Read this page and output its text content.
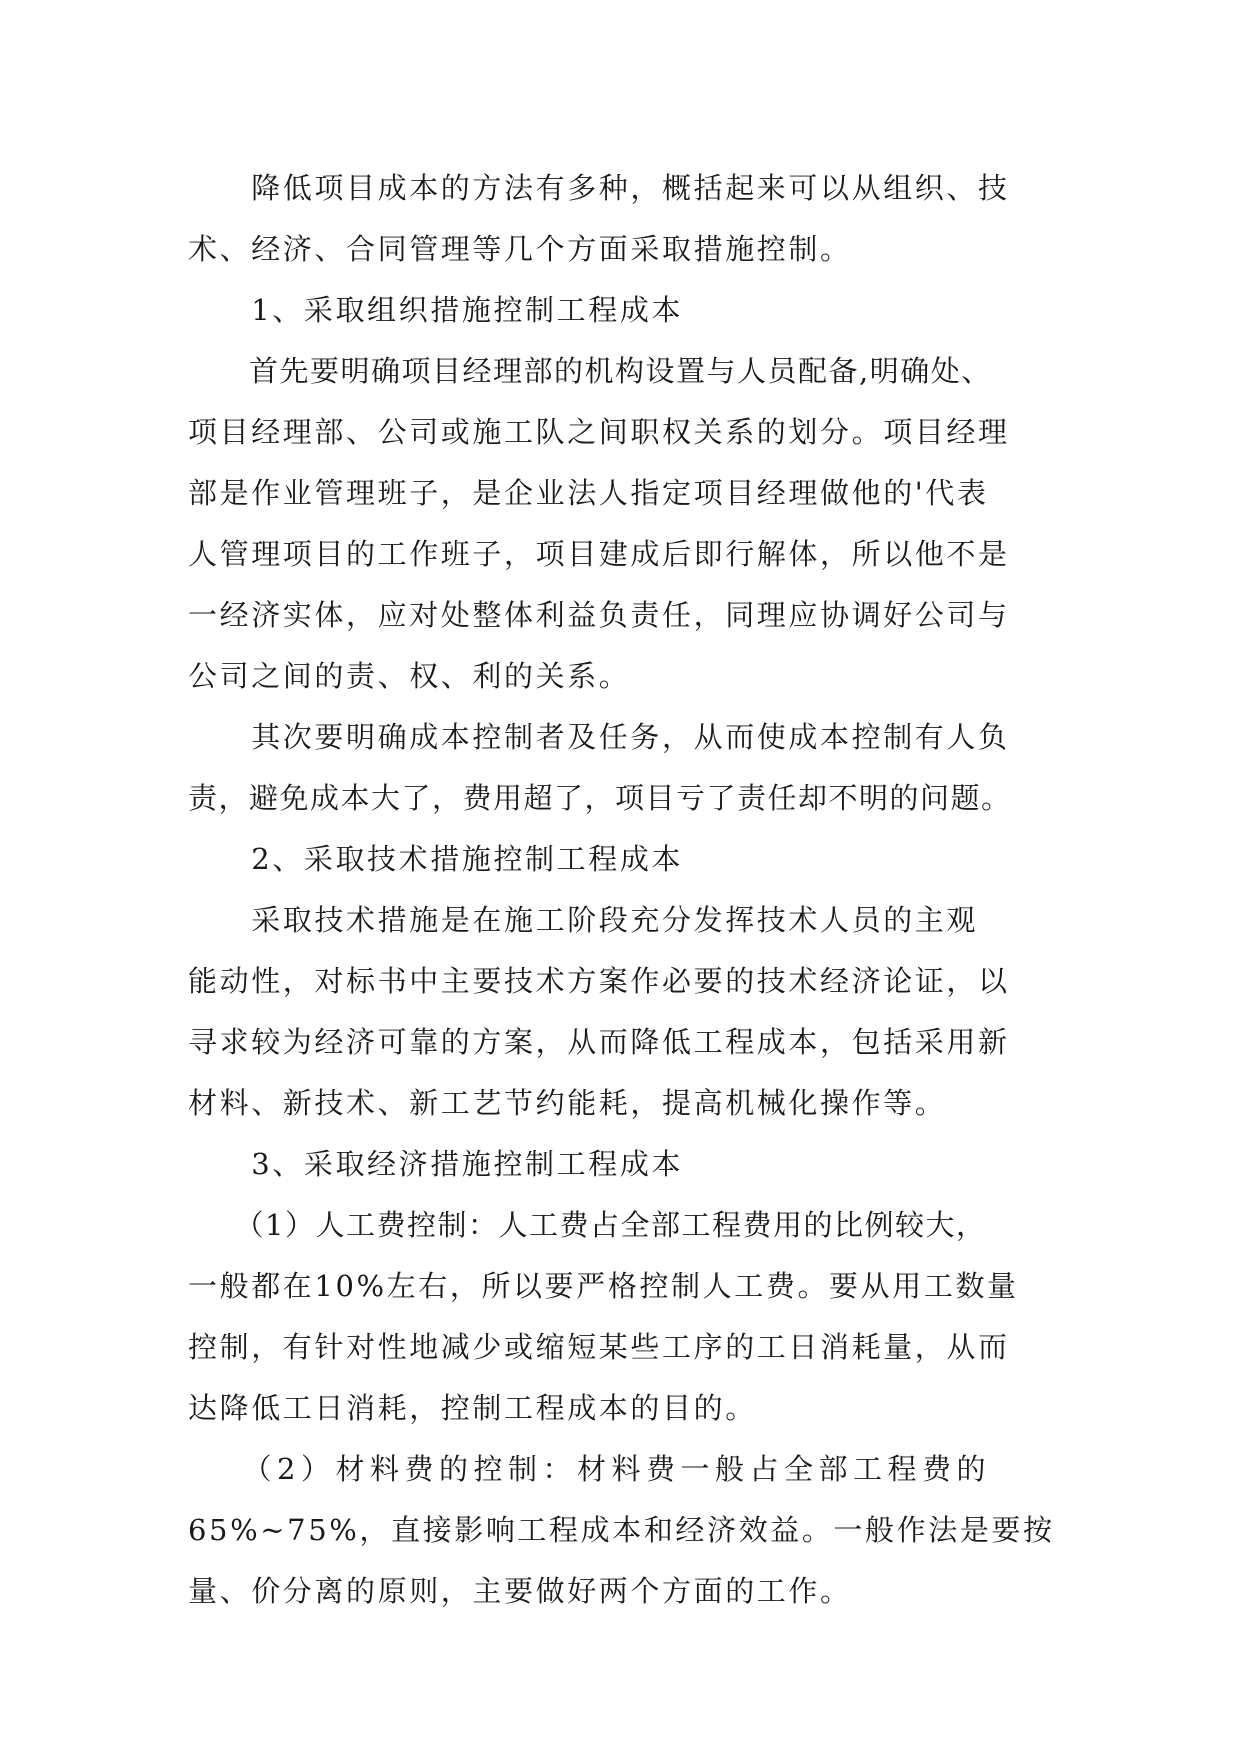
　　降低项目成本的方法有多种，概括起来可以从组织、技

术、经济、合同管理等几个方面采取措施控制。

　　1、采取组织措施控制工程成本

　　首先要明确项目经理部的机构设置与人员配备,明确处、

项目经理部、公司或施工队之间职权关系的划分。项目经理

部是作业管理班子，是企业法人指定项目经理做他的'代表

人管理项目的工作班子，项目建成后即行解体，所以他不是

一经济实体，应对处整体利益负责任，同理应协调好公司与

公司之间的责、权、利的关系。

　　其次要明确成本控制者及任务，从而使成本控制有人负

责，避免成本大了，费用超了，项目亏了责任却不明的问题。

　　2、采取技术措施控制工程成本

　　采取技术措施是在施工阶段充分发挥技术人员的主观

能动性，对标书中主要技术方案作必要的技术经济论证，以

寻求较为经济可靠的方案，从而降低工程成本，包括采用新

材料、新技术、新工艺节约能耗，提高机械化操作等。

　　3、采取经济措施控制工程成本

　　（1）人工费控制：人工费占全部工程费用的比例较大，

一般都在10%左右，所以要严格控制人工费。要从用工数量

控制，有针对性地减少或缩短某些工序的工日消耗量，从而

达降低工日消耗，控制工程成本的目的。

　　（2）材料费的控制：材料费一般占全部工程费的

65%~75%，直接影响工程成本和经济效益。一般作法是要按

量、价分离的原则，主要做好两个方面的工作。
